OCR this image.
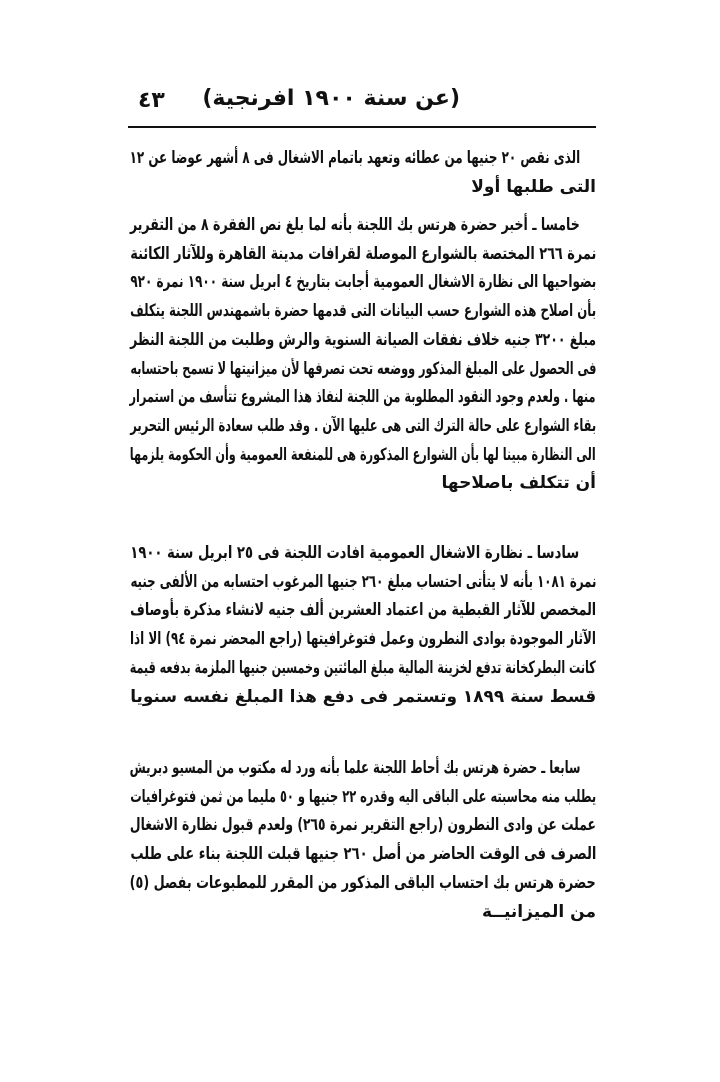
٤٣ (عن سنة ١٩٠٠ افرنجية)
الذى نقص ٢٠ جنيها من عطائه وتعهد باتمام الاشغال فى ٨ أشهر عوضا عن ١٢
التى طلبها أولا
خامسا ـ أخبر حضرة هرتس بك اللجنة بأنه لما بلغ نص الفقرة ٨ من التقرير
نمرة ٢٦٦ المختصة بالشوارع الموصلة لقرافات مدينة القاهرة وللآثار الكائنة
بضواحيها الى نظارة الاشغال العمومية أجابت بتاريخ ٤ ابريل سنة ١٩٠٠ نمرة ٩٢٠
بأن اصلاح هذه الشوارع حسب البيانات التى قدمها حضرة باشمهندس اللجنة يتكلف
مبلغ ٣٢٠٠ جنيه خلاف نفقات الصيانة السنوية والرش وطلبت من اللجنة النظر
فى الحصول على المبلغ المذكور ووضعه تحت تصرفها لأن ميزانيتها لا تسمح باحتسابه
منها . ولعدم وجود النقود المطلوبة من اللجنة لنفاذ هذا المشروع تتأسف من استمرار
بقاء الشوارع على حالة الترك التى هى عليها الآن . وقد طلب سعادة الرئيس التحرير
الى النظارة مبينا لها بأن الشوارع المذكورة هى للمنفعة العمومية وأن الحكومة يلزمها
أن تتكلف باصلاحها
سادسا ـ نظارة الاشغال العمومية افادت اللجنة فى ٢٥ ابريل سنة ١٩٠٠
نمرة ١٠٨١ بأنه لا يتأتى احتساب مبلغ ٢٦٠ جنيها المرغوب احتسابه من الألفى جنيه
المخصص للآثار القبطية من اعتماد العشرين ألف جنيه لانشاء مذكرة بأوصاف
الآثار الموجودة بوادى النطرون وعمل فتوغرافيتها (راجع المحضر نمرة ٩٤) الا اذا
كانت البطركخانة تدفع لخزينة المالية مبلغ المائتين وخمسين جنيها الملزمة بدفعه قيمة
قسط سنة ١٨٩٩ وتستمر فى دفع هذا المبلغ نفسه سنويا
سابعا ـ حضرة هرتس بك أحاط اللجنة علما بأنه ورد له مكتوب من المسيو دبريش
يطلب منه محاسبته على الباقى اليه وقدره ٢٢ جنيها و ٥٠ مليما من ثمن فتوغرافيات
عملت عن وادى النطرون (راجع التقرير نمرة ٢٦٥) ولعدم قبول نظارة الاشغال
الصرف فى الوقت الحاضر من أصل ٢٦٠ جنيها قبلت اللجنة بناء على طلب
حضرة هرتس بك احتساب الباقى المذكور من المقرر للمطبوعات بفصل (٥)
من الميزانيــة
